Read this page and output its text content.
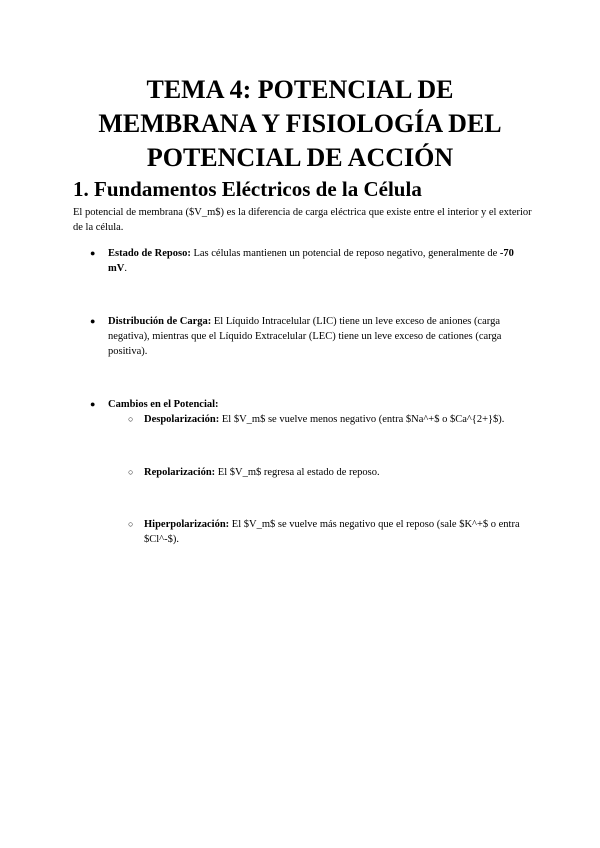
TEMA 4: POTENCIAL DE
MEMBRANA Y FISIOLOGÍA DEL
POTENCIAL DE ACCIÓN
1. Fundamentos Eléctricos de la Célula

El potencial de membrana ($V_m$) es la diferencia de carga eléctrica que existe entre el interior y el exterior de la célula.

● Estado de Reposo: Las células mantienen un potencial de reposo negativo, generalmente de -70 mV.
● Distribución de Carga: El Líquido Intracelular (LIC) tiene un leve exceso de aniones (carga negativa), mientras que el Líquido Extracelular (LEC) tiene un leve exceso de cationes (carga positiva).
● Cambios en el Potencial:
○ Despolarización: El $V_m$ se vuelve menos negativo (entra $Na^+$ o $Ca^{2+}$).
○ Repolarización: El $V_m$ regresa al estado de reposo.
○ Hiperpolarización: El $V_m$ se vuelve más negativo que el reposo (sale $K^+$ o entra $Cl^-$).
